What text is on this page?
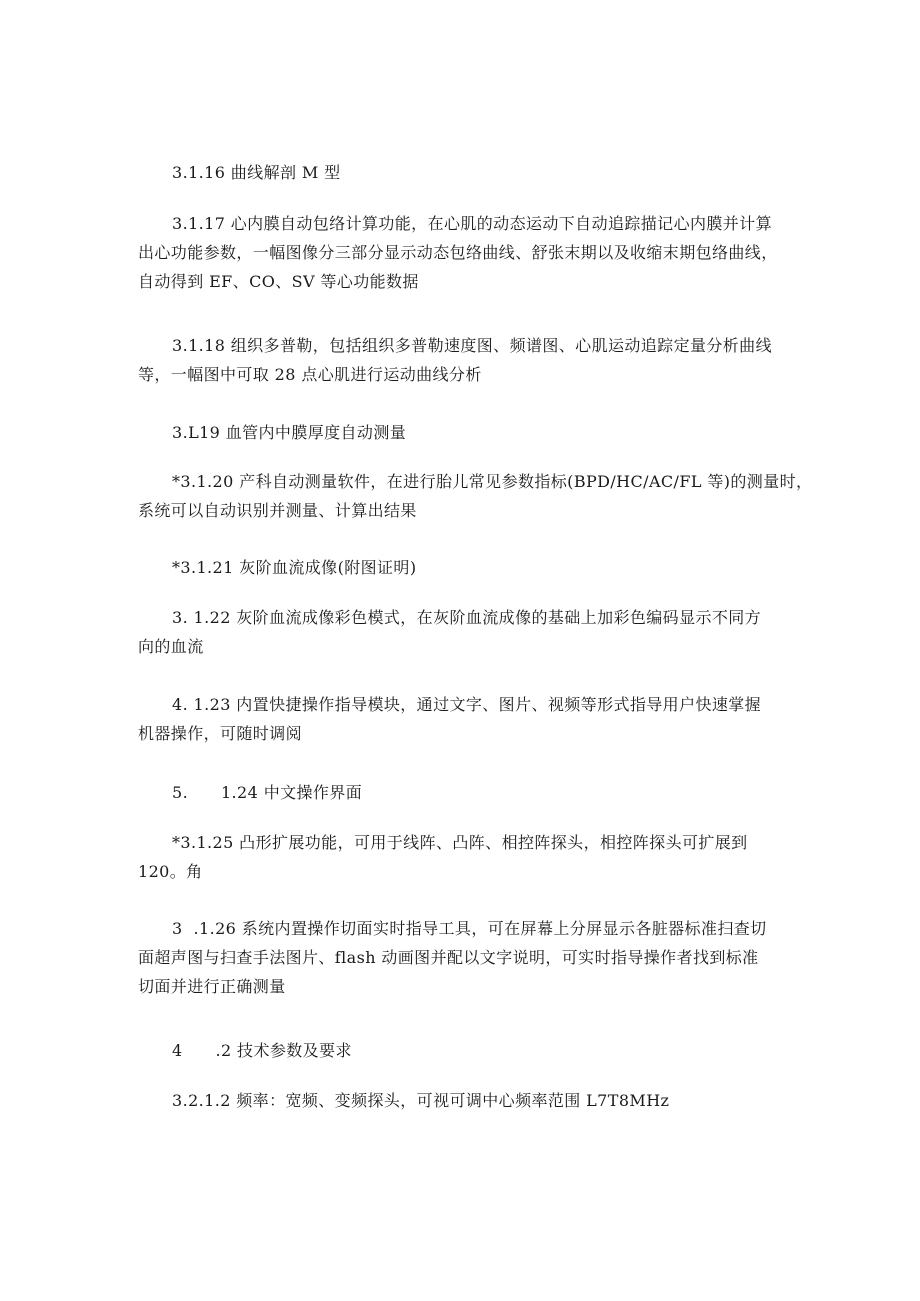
3.1.16 曲线解剖 M 型

3.1.17 心内膜自动包络计算功能，在心肌的动态运动下自动追踪描记心内膜并计算
出心功能参数，一幅图像分三部分显示动态包络曲线、舒张末期以及收缩末期包络曲线，
自动得到 EF、CO、SV 等心功能数据

3.1.18 组织多普勒，包括组织多普勒速度图、频谱图、心肌运动追踪定量分析曲线
等，一幅图中可取 28 点心肌进行运动曲线分析

3.L19 血管内中膜厚度自动测量

*3.1.20 产科自动测量软件，在进行胎儿常见参数指标(BPD/HC/AC/FL 等)的测量时，
系统可以自动识别并测量、计算出结果

*3.1.21 灰阶血流成像(附图证明)

3. 1.22 灰阶血流成像彩色模式，在灰阶血流成像的基础上加彩色编码显示不同方
向的血流

4. 1.23 内置快捷操作指导模块，通过文字、图片、视频等形式指导用户快速掌握
机器操作，可随时调阅

5.      1.24 中文操作界面

*3.1.25 凸形扩展功能，可用于线阵、凸阵、相控阵探头，相控阵探头可扩展到
120。角

3  .1.26 系统内置操作切面实时指导工具，可在屏幕上分屏显示各脏器标准扫查切
面超声图与扫查手法图片、flash 动画图并配以文字说明，可实时指导操作者找到标准
切面并进行正确测量

4      .2 技术参数及要求

3.2.1.2 频率：宽频、变频探头，可视可调中心频率范围 L7T8MHz
